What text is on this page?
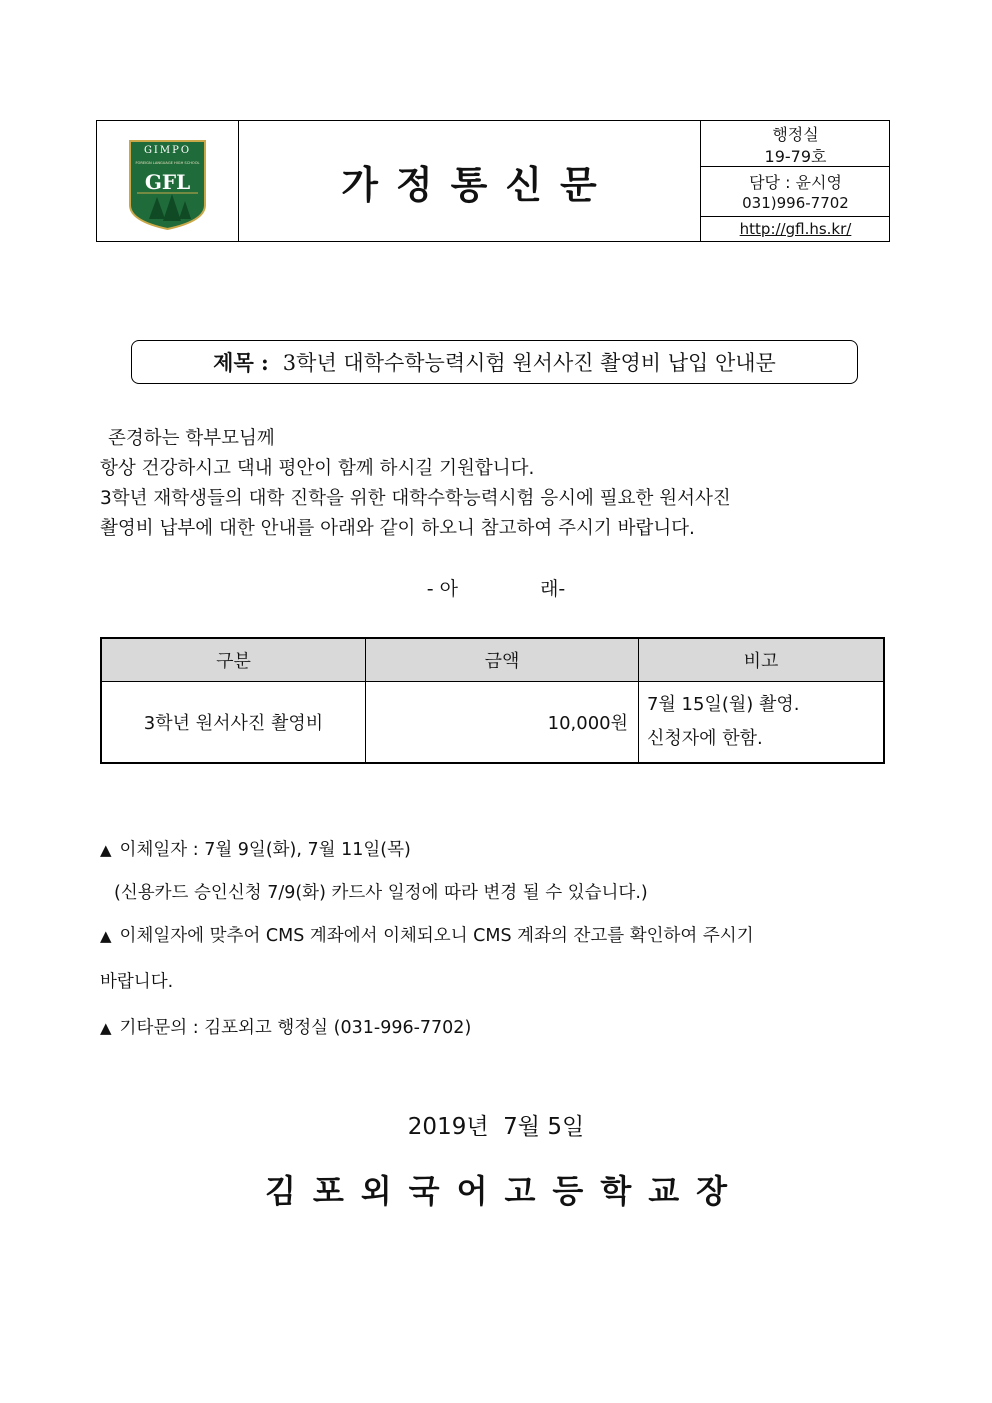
GIMPO
FOREIGN LANGUAGE HIGH SCHOOL
GFL	가정통신문
행정실
19-79호
담당 : 윤시영
031)996-7702
http://gfl.hs.kr/
제목 : 3학년 대학수학능력시험 원서사진 촬영비 납입 안내문
존경하는 학부모님께
항상 건강하시고 댁내 평안이 함께 하시길 기원합니다.
3학년 재학생들의 대학 진학을 위한 대학수학능력시험 응시에 필요한 원서사진
촬영비 납부에 대한 안내를 아래와 같이 하오니 참고하여 주시기 바랍니다.
- 아	래-
구분	금액	비고
3학년 원서사진 촬영비	10,000원	7월 15일(월) 촬영.
신청자에 한함.
▲ 이체일자 : 7월 9일(화), 7월 11일(목)
(신용카드 승인신청 7/9(화) 카드사 일정에 따라 변경 될 수 있습니다.)
▲ 이체일자에 맞추어 CMS 계좌에서 이체되오니 CMS 계좌의 잔고를 확인하여 주시기
바랍니다.
▲ 기타문의 : 김포외고 행정실 (031-996-7702)
2019년  7월 5일
김포외국어고등학교장
